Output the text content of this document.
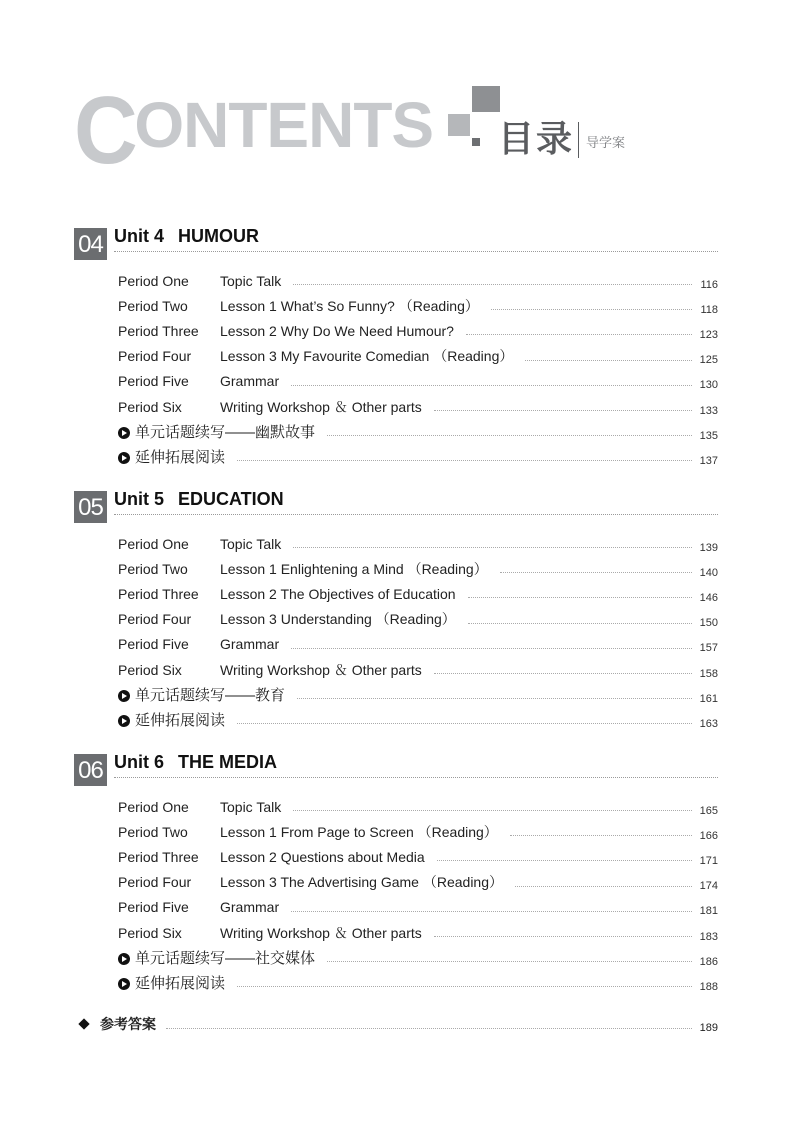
CONTENTS 目录 导学案
04 Unit 4 HUMOUR
Period One	Topic Talk	116
Period Two	Lesson 1 What’s So Funny? （Reading）	118
Period Three	Lesson 2 Why Do We Need Humour?	123
Period Four	Lesson 3 My Favourite Comedian （Reading）	125
Period Five	Grammar	130
Period Six	Writing Workshop ＆ Other parts	133
单元话题续写——幽默故事	135
延伸拓展阅读	137
05 Unit 5 EDUCATION
Period One	Topic Talk	139
Period Two	Lesson 1 Enlightening a Mind （Reading）	140
Period Three	Lesson 2 The Objectives of Education	146
Period Four	Lesson 3 Understanding （Reading）	150
Period Five	Grammar	157
Period Six	Writing Workshop ＆ Other parts	158
单元话题续写——教育	161
延伸拓展阅读	163
06 Unit 6 THE MEDIA
Period One	Topic Talk	165
Period Two	Lesson 1 From Page to Screen （Reading）	166
Period Three	Lesson 2 Questions about Media	171
Period Four	Lesson 3 The Advertising Game （Reading）	174
Period Five	Grammar	181
Period Six	Writing Workshop ＆ Other parts	183
单元话题续写——社交媒体	186
延伸拓展阅读	188
参考答案	189
